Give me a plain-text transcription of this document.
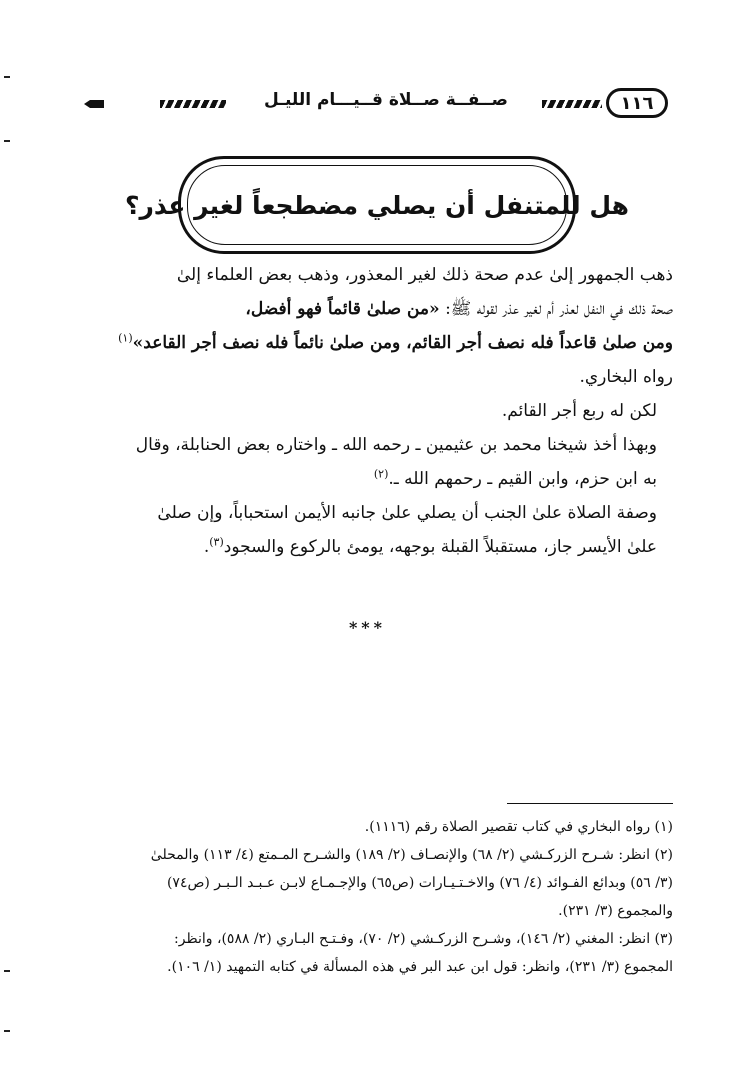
١١٦
صــفــة صــلاة قــيـــام الليـل
هل للمتنفل أن يصلي مضطجعاً لغير عذر؟

ذهب الجمهور إلىٰ عدم صحة ذلك لغير المعذور، وذهب بعض العلماء إلىٰ
صحة ذلك في النفل لعذر أم لغير عذر لقوله ﷺ: «من صلىٰ قائماً فهو أفضل،
ومن صلىٰ قاعداً فله نصف أجر القائم، ومن صلىٰ نائماً فله نصف أجر القاعد»$^{(١)}$
رواه البخاري.

لكن له ربع أجر القائم.

وبهذا أخذ شيخنا محمد بن عثيمين ـ رحمه الله ـ واختاره بعض الحنابلة، وقال
به ابن حزم، وابن القيم ـ رحمهم الله ـ.$^{(٢)}$

وصفة الصلاة علىٰ الجنب أن يصلي علىٰ جانبه الأيمن استحباباً، وإن صلىٰ
علىٰ الأيسر جاز، مستقبلاً القبلة بوجهه، يومئ بالركوع والسجود$^{(٣)}$.

***

(١) رواه البخاري في كتاب تقصير الصلاة رقم (١١١٦).

(٢) انظر: شـرح الزركـشي (٢/ ٦٨) والإنصـاف (٢/ ١٨٩) والشـرح المـمتع (٤/ ١١٣) والمحلىٰ
(٣/ ٥٦) وبدائع الفـوائد (٤/ ٧٦) والاخـتـيـارات (ص٦٥) والإجـمـاع لابـن عـبـد الـبـر (ص٧٤)
والمجموع (٣/ ٢٣١).

(٣) انظر: المغني (٢/ ١٤٦)، وشـرح الزركـشي (٢/ ٧٠)، وفـتـح البـاري (٢/ ٥٨٨)، وانظر:
المجموع (٣/ ٢٣١)، وانظر: قول ابن عبد البر في هذه المسألة في كتابه التمهيد (١/ ١٠٦).
